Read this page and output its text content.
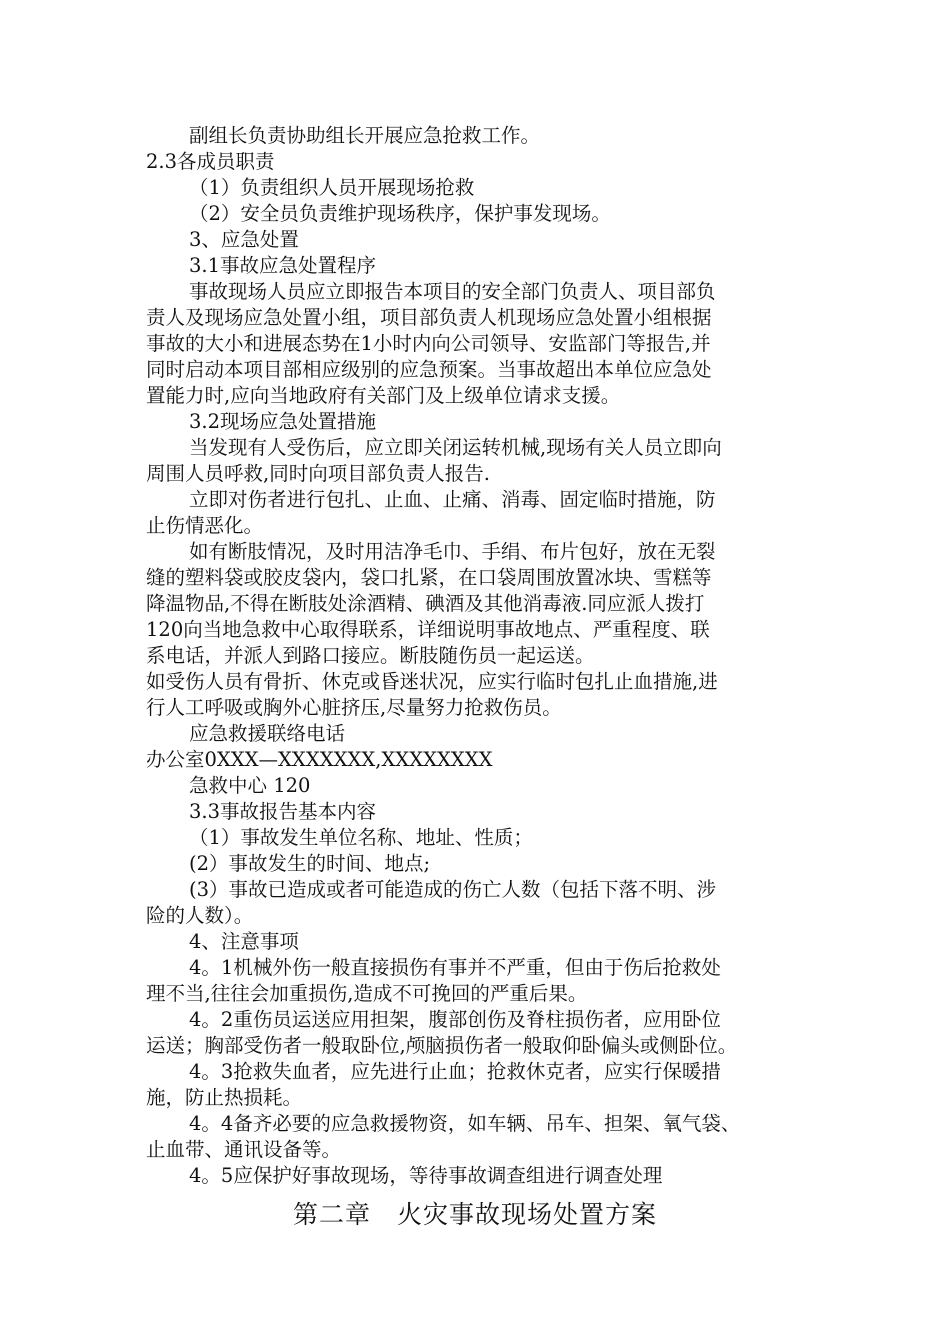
副组长负责协助组长开展应急抢救工作。
2.3各成员职责
（1）负责组织人员开展现场抢救
（2）安全员负责维护现场秩序，保护事发现场。
3、应急处置
3.1事故应急处置程序
事故现场人员应立即报告本项目的安全部门负责人、项目部负
责人及现场应急处置小组，项目部负责人机现场应急处置小组根据
事故的大小和进展态势在1小时内向公司领导、安监部门等报告,并
同时启动本项目部相应级别的应急预案。当事故超出本单位应急处
置能力时,应向当地政府有关部门及上级单位请求支援。
3.2现场应急处置措施
当发现有人受伤后，应立即关闭运转机械,现场有关人员立即向
周围人员呼救,同时向项目部负责人报告.
立即对伤者进行包扎、止血、止痛、消毒、固定临时措施，防
止伤情恶化。
如有断肢情况，及时用洁净毛巾、手绢、布片包好，放在无裂
缝的塑料袋或胶皮袋内，袋口扎紧，在口袋周围放置冰块、雪糕等
降温物品,不得在断肢处涂酒精、碘酒及其他消毒液.同应派人拨打
120向当地急救中心取得联系，详细说明事故地点、严重程度、联
系电话，并派人到路口接应。断肢随伤员一起运送。
如受伤人员有骨折、休克或昏迷状况，应实行临时包扎止血措施,进
行人工呼吸或胸外心脏挤压,尽量努力抢救伤员。
应急救援联络电话
办公室0XXX—XXXXXXX,XXXXXXXX
急救中心 120
3.3事故报告基本内容
（1）事故发生单位名称、地址、性质；
(2）事故发生的时间、地点;
(3）事故已造成或者可能造成的伤亡人数（包括下落不明、涉
险的人数）。
4、注意事项
4。1机械外伤一般直接损伤有事并不严重，但由于伤后抢救处
理不当,往往会加重损伤,造成不可挽回的严重后果。
4。2重伤员运送应用担架，腹部创伤及脊柱损伤者，应用卧位
运送；胸部受伤者一般取卧位,颅脑损伤者一般取仰卧偏头或侧卧位。
4。3抢救失血者，应先进行止血；抢救休克者，应实行保暖措
施，防止热损耗。
4。4备齐必要的应急救援物资，如车辆、吊车、担架、氧气袋、
止血带、通讯设备等。
4。5应保护好事故现场，等待事故调查组进行调查处理
第二章　火灾事故现场处置方案
